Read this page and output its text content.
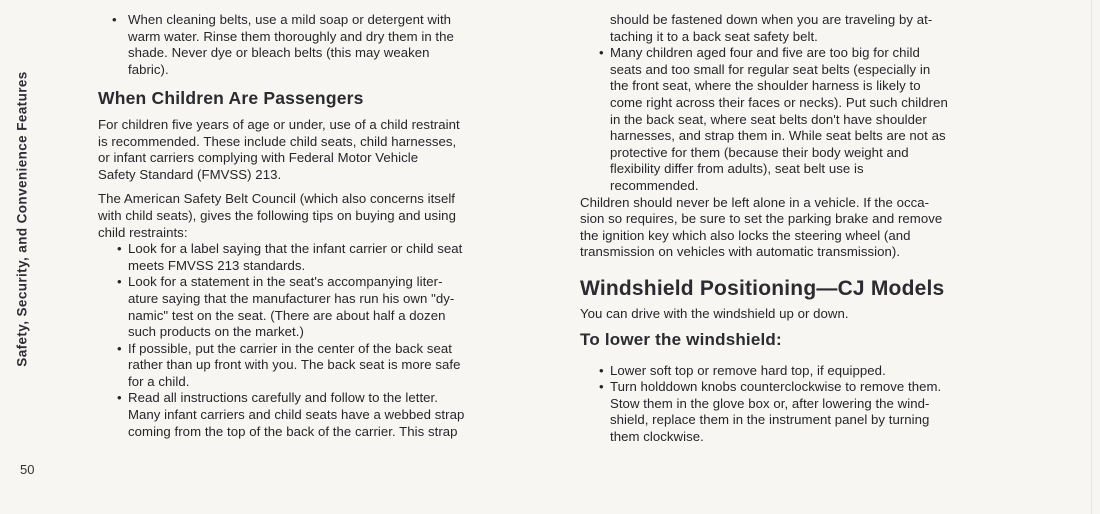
Safety, Security, and Convenience Features
50

• When cleaning belts, use a mild soap or detergent with
warm water. Rinse them thoroughly and dry them in the
shade. Never dye or bleach belts (this may weaken
fabric).

When Children Are Passengers

For children five years of age or under, use of a child restraint
is recommended. These include child seats, child harnesses,
or infant carriers complying with Federal Motor Vehicle
Safety Standard (FMVSS) 213.

The American Safety Belt Council (which also concerns itself
with child seats), gives the following tips on buying and using
child restraints:

• Look for a label saying that the infant carrier or child seat
meets FMVSS 213 standards.

• Look for a statement in the seat's accompanying liter-
ature saying that the manufacturer has run his own "dy-
namic" test on the seat. (There are about half a dozen
such products on the market.)

• If possible, put the carrier in the center of the back seat
rather than up front with you. The back seat is more safe
for a child.

• Read all instructions carefully and follow to the letter.
Many infant carriers and child seats have a webbed strap
coming from the top of the back of the carrier. This strap

should be fastened down when you are traveling by at-
taching it to a back seat safety belt.

• Many children aged four and five are too big for child
seats and too small for regular seat belts (especially in
the front seat, where the shoulder harness is likely to
come right across their faces or necks). Put such children
in the back seat, where seat belts don't have shoulder
harnesses, and strap them in. While seat belts are not as
protective for them (because their body weight and
flexibility differ from adults), seat belt use is
recommended.

Children should never be left alone in a vehicle. If the occa-
sion so requires, be sure to set the parking brake and remove
the ignition key which also locks the steering wheel (and
transmission on vehicles with automatic transmission).

Windshield Positioning—CJ Models

You can drive with the windshield up or down.

To lower the windshield:

• Lower soft top or remove hard top, if equipped.

• Turn holddown knobs counterclockwise to remove them.
Stow them in the glove box or, after lowering the wind-
shield, replace them in the instrument panel by turning
them clockwise.
